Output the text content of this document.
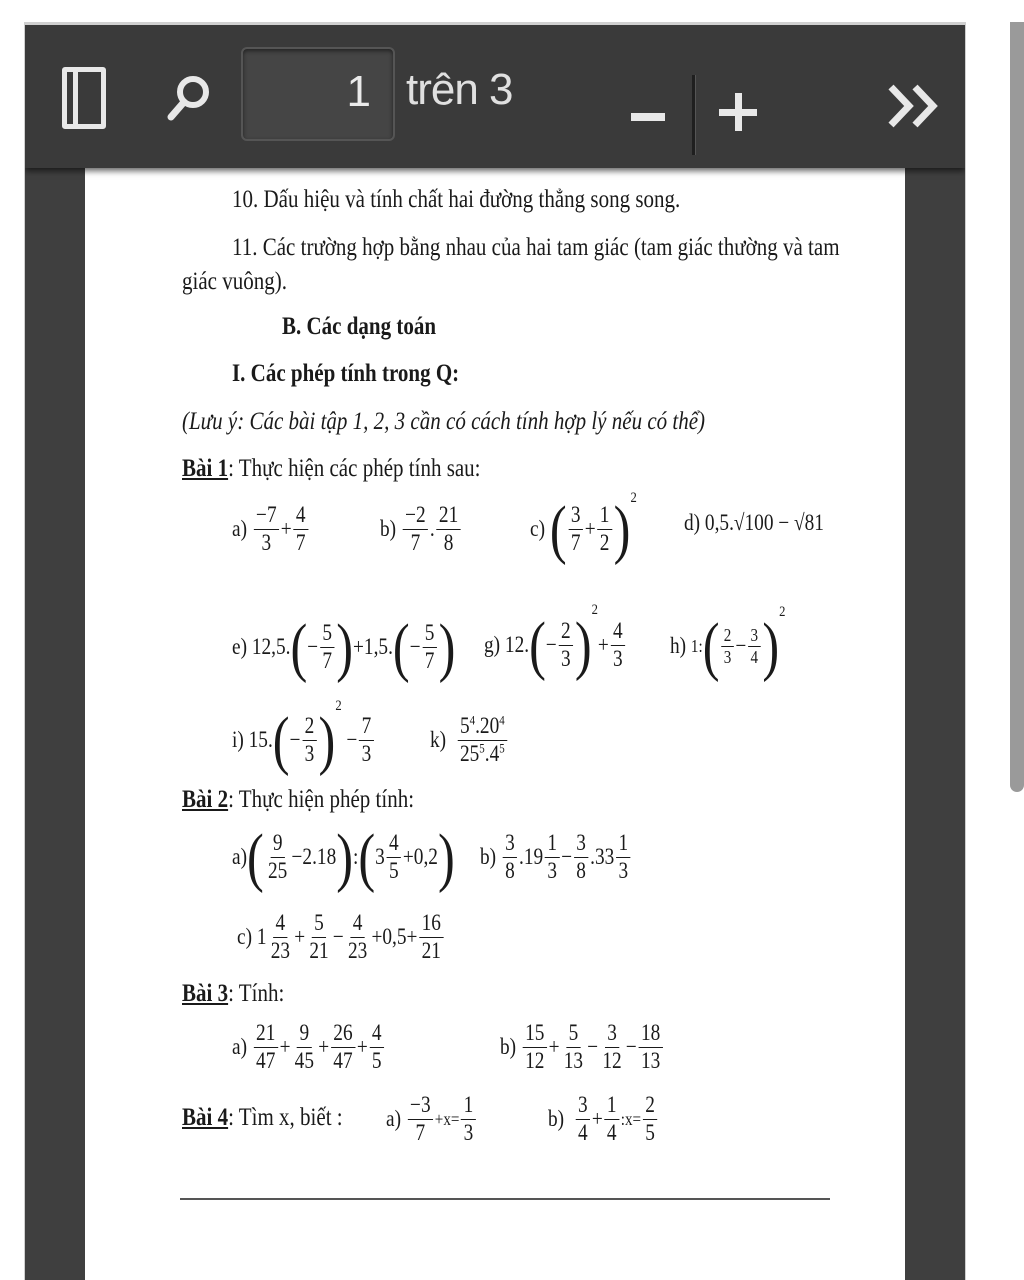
1 trên 3
10. Dấu hiệu và tính chất hai đường thẳng song song.
11. Các trường hợp bằng nhau của hai tam giác (tam giác thường và tam
giác vuông).
B. Các dạng toán
I. Các phép tính trong Q:
(Lưu ý: Các bài tập 1, 2, 3 cần có cách tính hợp lý nếu có thể)
Bài 1: Thực hiện các phép tính sau:
a)

−7
3
+
4
7
b)

−2
7
.
21
8
c)
( 3
7
+
1
2 ) 2
d) 0,5.√100 − √81
e) 12,5. ( −
5
7 ) +1,5. ( −
5
7 ) g) 12. ( −
2
3 ) 2
+
4
3 h)
1: ( 2
3 − 3
4 ) 2
i) 15. ( −
2
3 ) 2
−
7
3
k)

$5^4.20^4$
$25^5.4^5$
Bài 2: Thực hiện phép tính:
a) ( 9
25
−2.18 ) : ( 3
4
5
+0,2 ) b)
3
8
.19
1
3
−
3
8
.33
1
3
c) 1
4
23
+
5
21
−
4
23
+0,5+
16
21
Bài 3: Tính:
a)
21
47
+
9
45
+
26
47
+
4
5
b)
15
12
+
5
13
−
3
12
−
18
13
Bài 4: Tìm x, biết : a)
−3
7
$+x= \frac{1}{3}$	b)
3
4
+
1
4
:x= $\frac{2}{5}$
